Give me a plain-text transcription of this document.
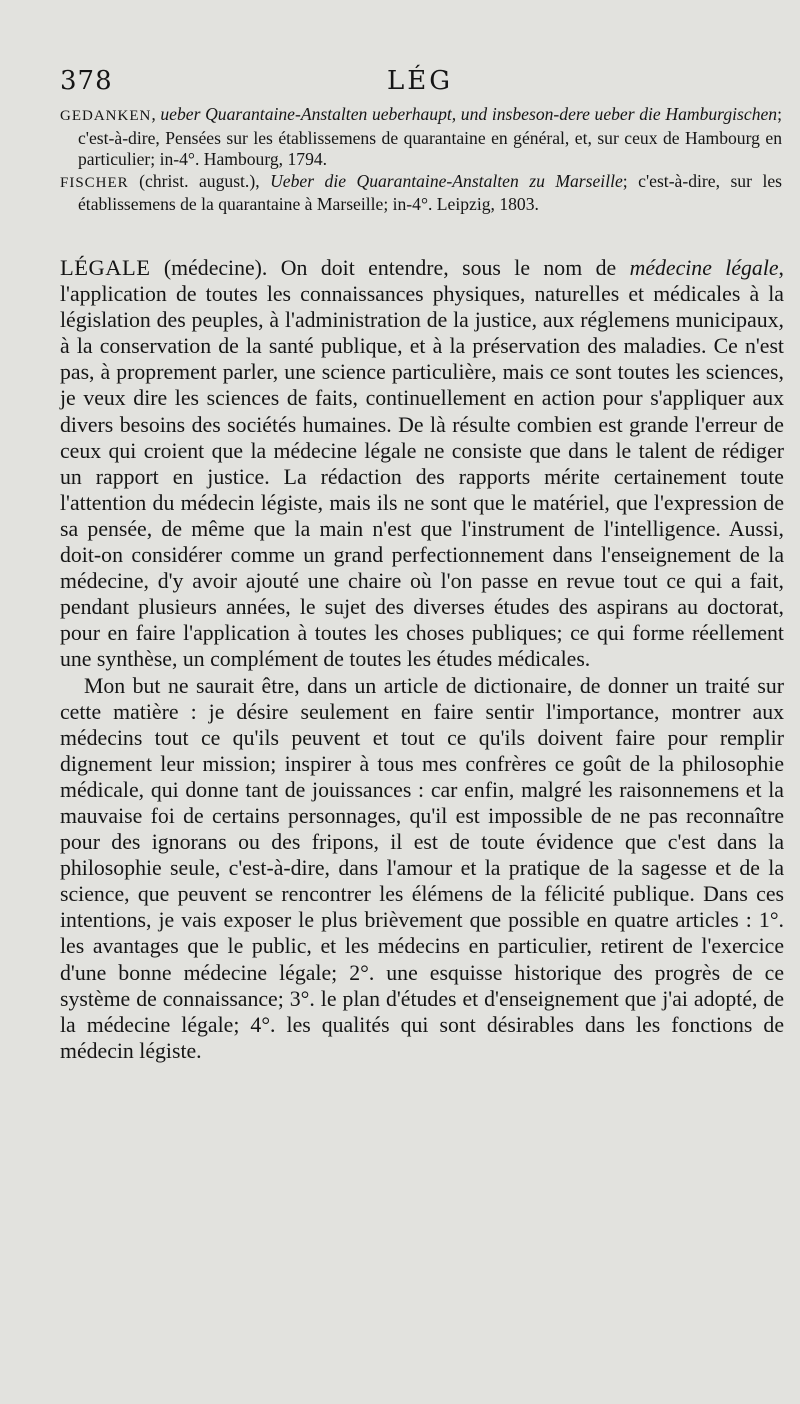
378	LÉG

GEDANKEN, ueber Quarantaine-Anstalten ueberhaupt, und insbeson-dere ueber die Hamburgischen; c'est-à-dire, Pensées sur les établissemens de quarantaine en général, et, sur ceux de Hambourg en particulier; in-4°. Hambourg, 1794.

FISCHER (christ. august.), Ueber die Quarantaine-Anstalten zu Marseille; c'est-à-dire, sur les établissemens de la quarantaine à Marseille; in-4°. Leipzig, 1803.

LÉGALE (médecine). On doit entendre, sous le nom de médecine légale, l'application de toutes les connaissances physiques, naturelles et médicales à la législation des peuples, à l'administration de la justice, aux réglemens municipaux, à la conservation de la santé publique, et à la préservation des maladies. Ce n'est pas, à proprement parler, une science particulière, mais ce sont toutes les sciences, je veux dire les sciences de faits, continuellement en action pour s'appliquer aux divers besoins des sociétés humaines. De là résulte combien est grande l'erreur de ceux qui croient que la médecine légale ne consiste que dans le talent de rédiger un rapport en justice. La rédaction des rapports mérite certainement toute l'attention du médecin légiste, mais ils ne sont que le matériel, que l'expression de sa pensée, de même que la main n'est que l'instrument de l'intelligence. Aussi, doit-on considérer comme un grand perfectionnement dans l'enseignement de la médecine, d'y avoir ajouté une chaire où l'on passe en revue tout ce qui a fait, pendant plusieurs années, le sujet des diverses études des aspirans au doctorat, pour en faire l'application à toutes les choses publiques; ce qui forme réellement une synthèse, un complément de toutes les études médicales.

Mon but ne saurait être, dans un article de dictionaire, de donner un traité sur cette matière : je désire seulement en faire sentir l'importance, montrer aux médecins tout ce qu'ils peuvent et tout ce qu'ils doivent faire pour remplir dignement leur mission; inspirer à tous mes confrères ce goût de la philosophie médicale, qui donne tant de jouissances : car enfin, malgré les raisonnemens et la mauvaise foi de certains personnages, qu'il est impossible de ne pas reconnaître pour des ignorans ou des fripons, il est de toute évidence que c'est dans la philosophie seule, c'est-à-dire, dans l'amour et la pratique de la sagesse et de la science, que peuvent se rencontrer les élémens de la félicité publique. Dans ces intentions, je vais exposer le plus brièvement que possible en quatre articles : 1°. les avantages que le public, et les médecins en particulier, retirent de l'exercice d'une bonne médecine légale; 2°. une esquisse historique des progrès de ce système de connaissance; 3°. le plan d'études et d'enseignement que j'ai adopté, de la médecine légale; 4°. les qualités qui sont désirables dans les fonctions de médecin légiste.
